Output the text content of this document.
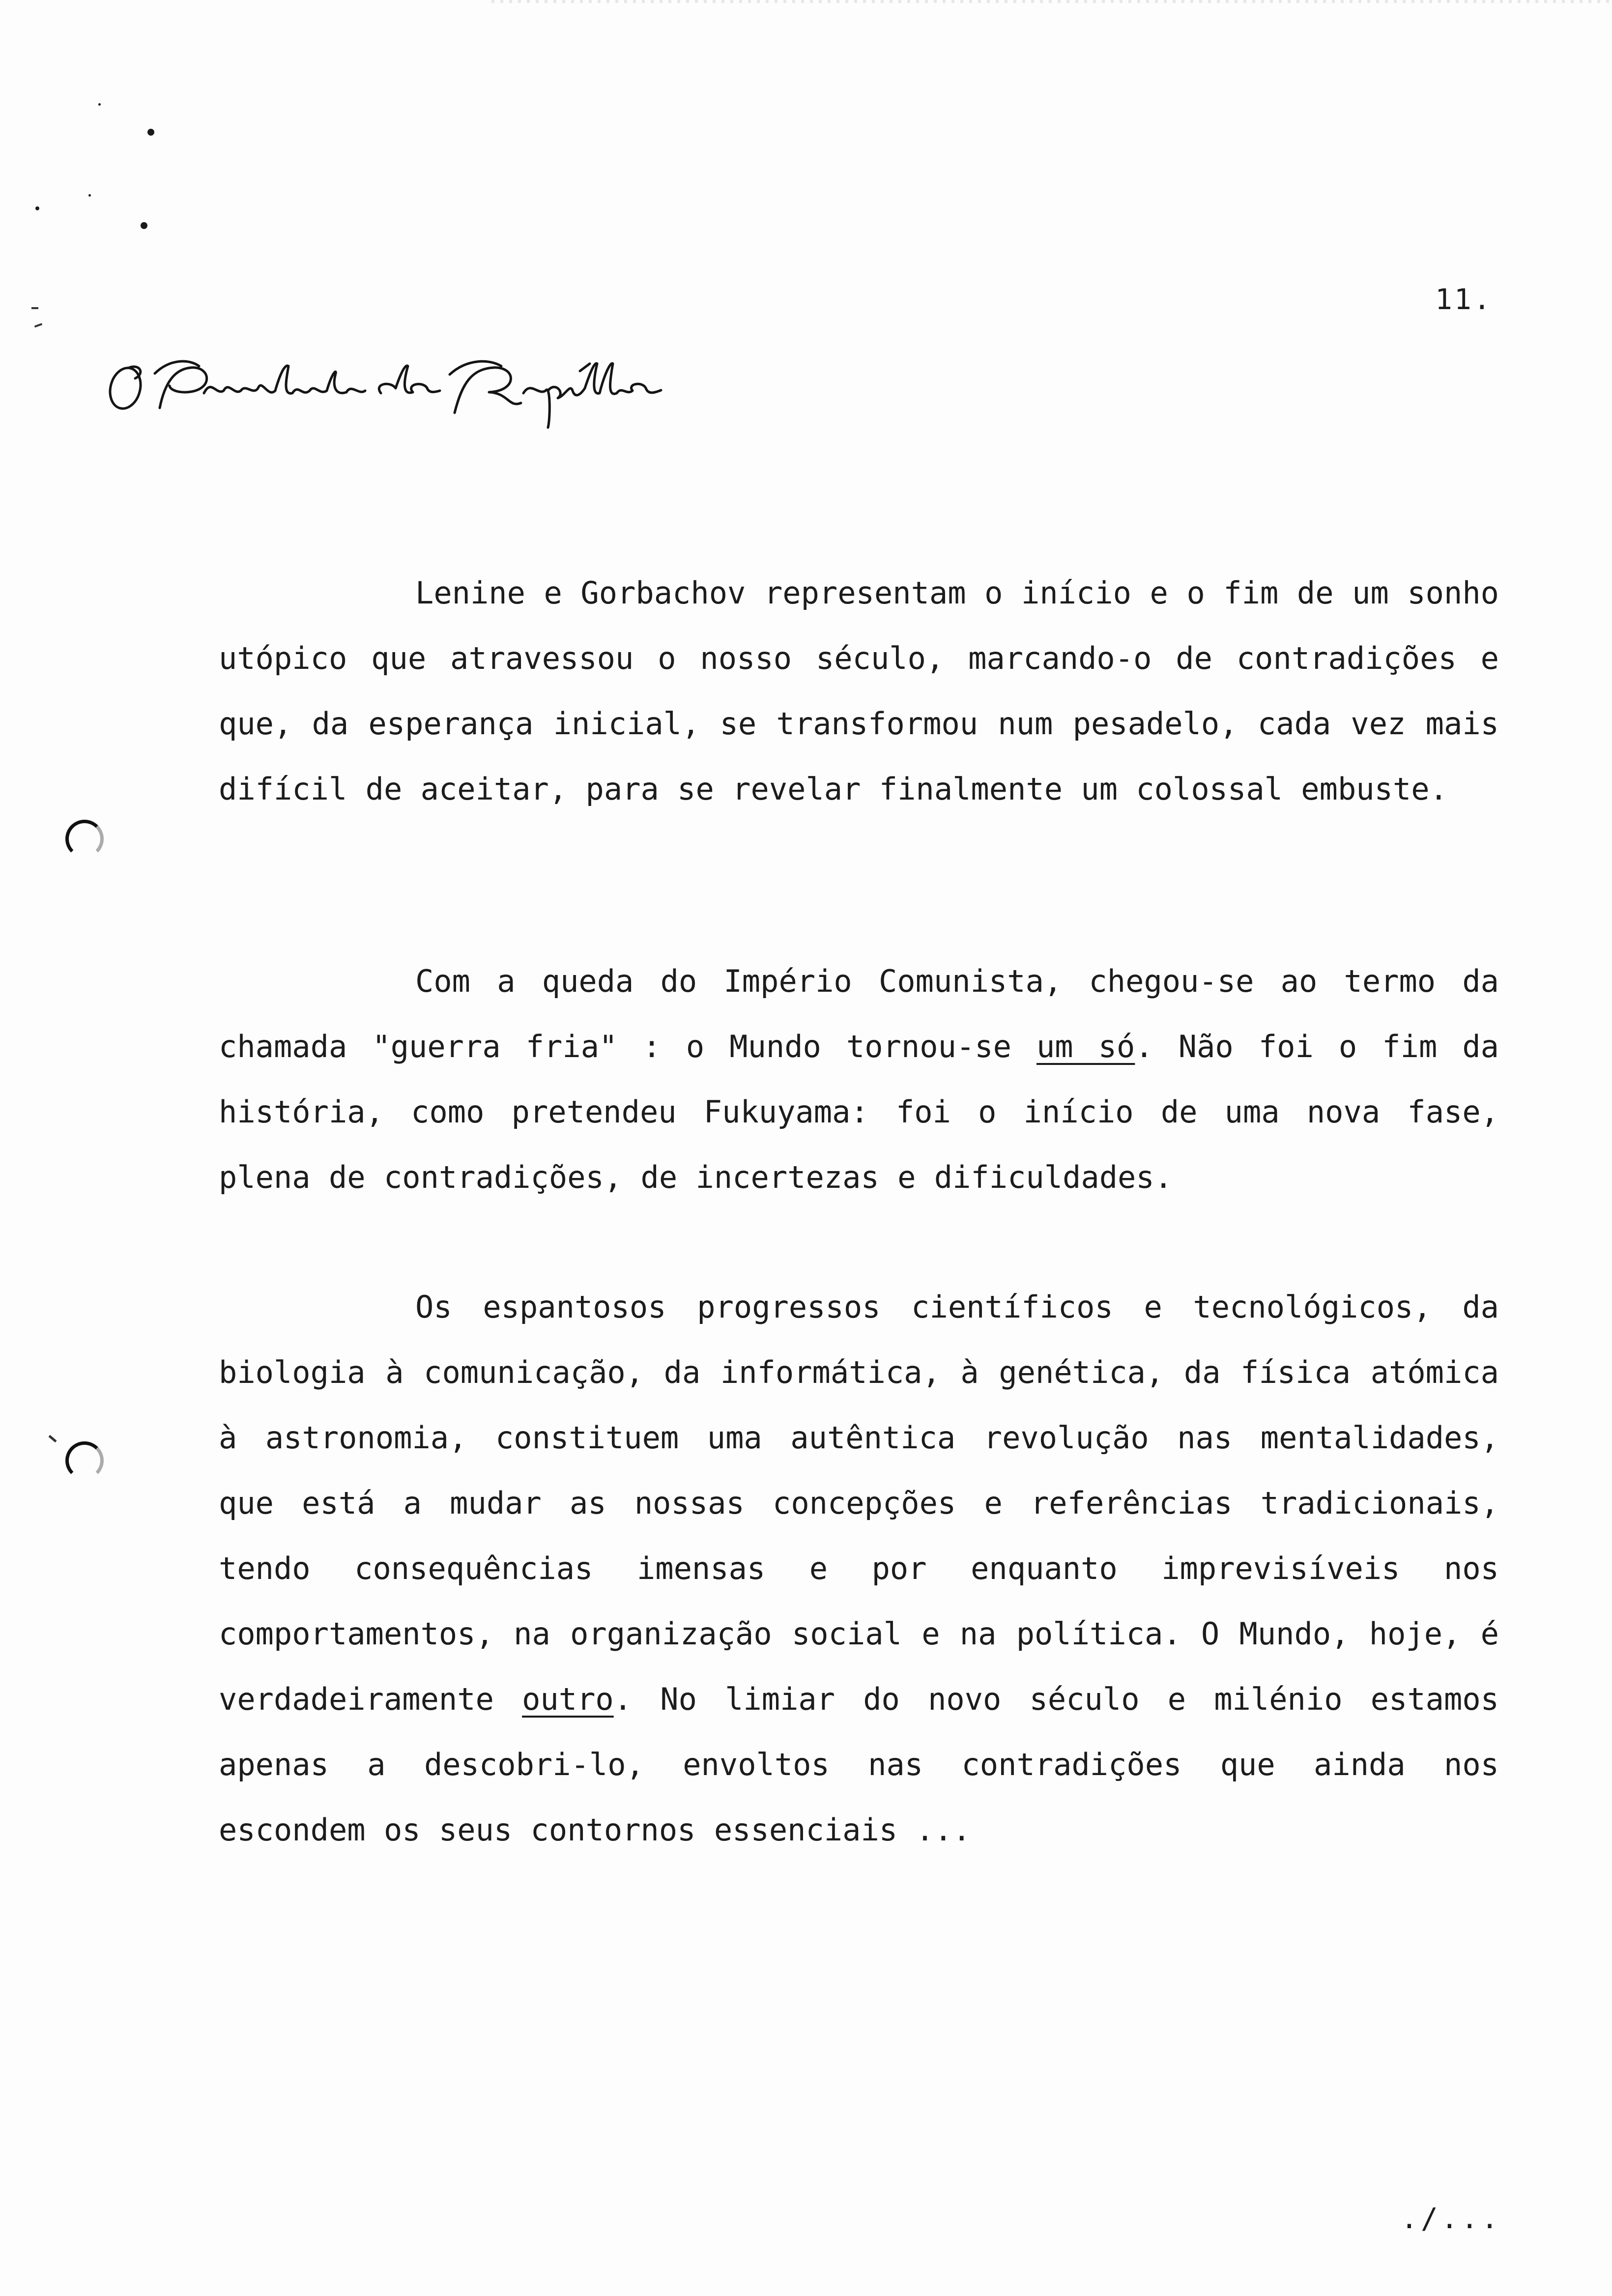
11.

Lenine e Gorbachov representam o início e o fim de um sonho utópico que atravessou o nosso século, marcando-o de contradições e que, da esperança inicial, se transformou num pesadelo, cada vez mais difícil de aceitar, para se revelar finalmente um colossal embuste.

Com a queda do Império Comunista, chegou-se ao termo da chamada "guerra fria" : o Mundo tornou-se um só. Não foi o fim da história, como pretendeu Fukuyama: foi o início de uma nova fase, plena de contradições, de incertezas e dificuldades.

Os espantosos progressos científicos e tecnológicos, da biologia à comunicação, da informática, à genética, da física atómica à astronomia, constituem uma autêntica revolução nas mentalidades, que está a mudar as nossas concepções e referências tradicionais, tendo consequências imensas e por enquanto imprevisíveis nos comportamentos, na organização social e na política. O Mundo, hoje, é verdadeiramente outro. No limiar do novo século e milénio estamos apenas a descobri-lo, envoltos nas contradições que ainda nos escondem os seus contornos essenciais ...

./...
